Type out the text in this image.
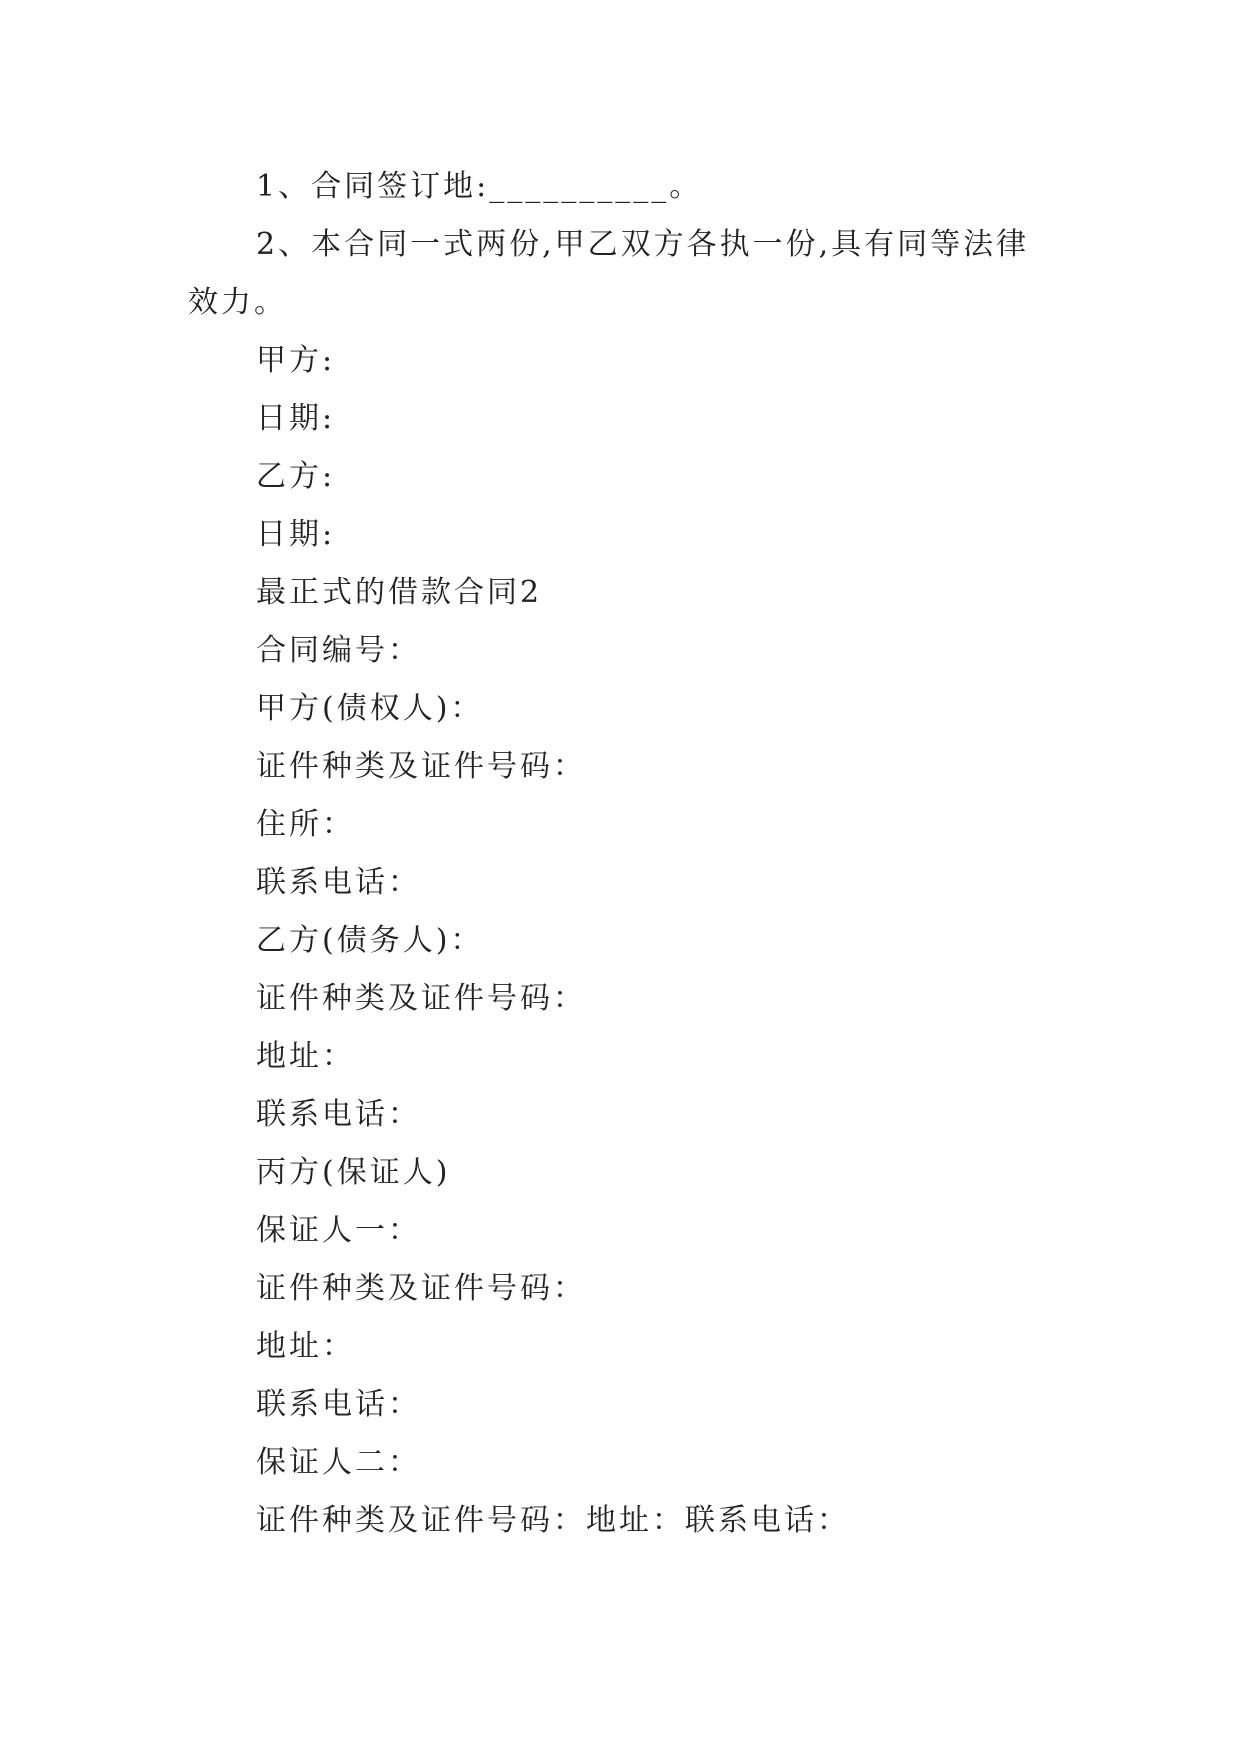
1、合同签订地:__________。

2、本合同一式两份,甲乙双方各执一份,具有同等法律效力。

甲方:

日期:

乙方:

日期:

最正式的借款合同2

合同编号：

甲方(债权人)：

证件种类及证件号码：

住所：

联系电话：

乙方(债务人)：

证件种类及证件号码：

地址：

联系电话：

丙方(保证人)

保证人一：

证件种类及证件号码：

地址：

联系电话：

保证人二：

证件种类及证件号码：地址：联系电话：
